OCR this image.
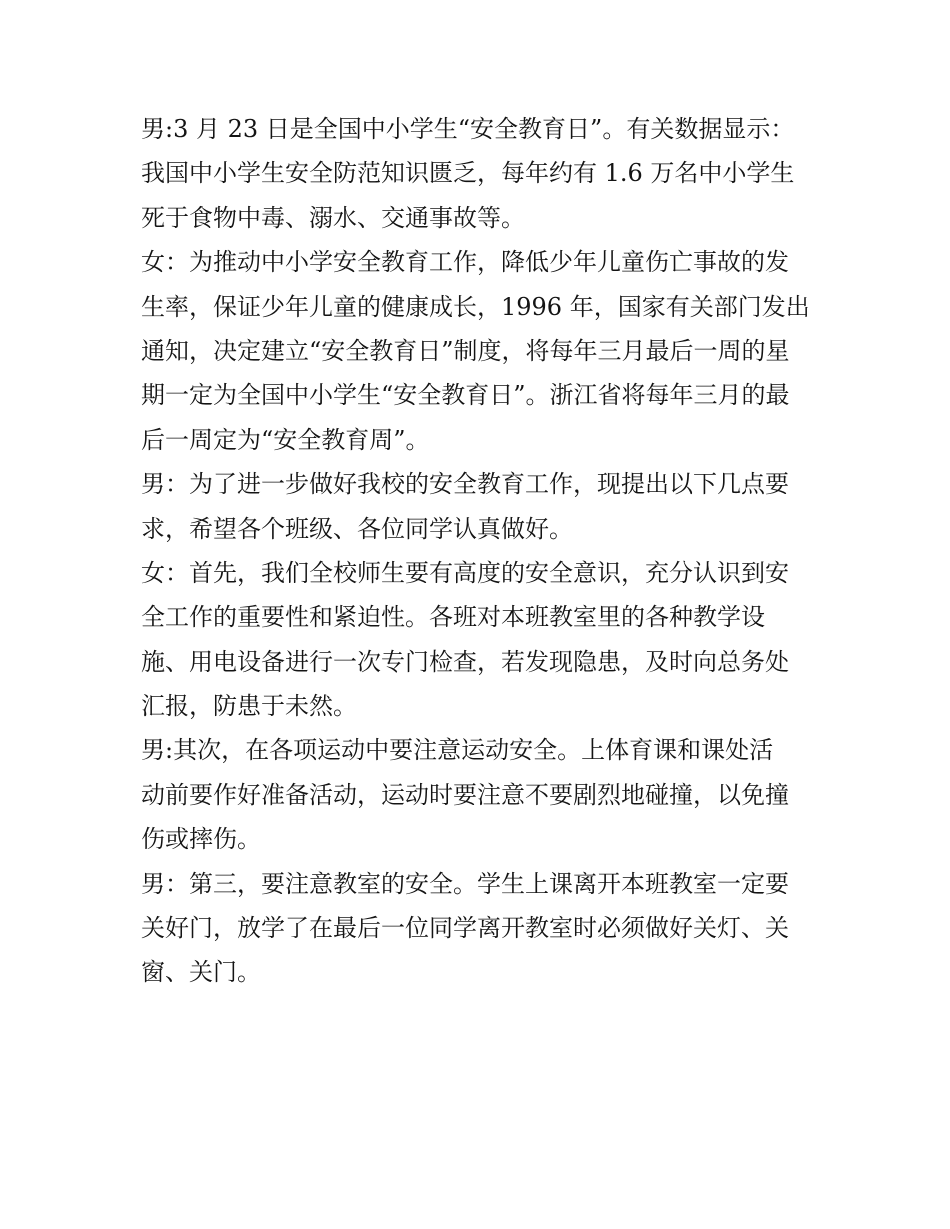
男:3 月 23 日是全国中小学生“安全教育日”。有关数据显示：
我国中小学生安全防范知识匮乏，每年约有 1.6 万名中小学生
死于食物中毒、溺水、交通事故等。
女：为推动中小学安全教育工作，降低少年儿童伤亡事故的发
生率，保证少年儿童的健康成长，1996 年，国家有关部门发出
通知，决定建立“安全教育日”制度，将每年三月最后一周的星
期一定为全国中小学生“安全教育日”。浙江省将每年三月的最
后一周定为“安全教育周”。
男：为了进一步做好我校的安全教育工作，现提出以下几点要
求，希望各个班级、各位同学认真做好。
女：首先，我们全校师生要有高度的安全意识，充分认识到安
全工作的重要性和紧迫性。各班对本班教室里的各种教学设
施、用电设备进行一次专门检查，若发现隐患，及时向总务处
汇报，防患于未然。
男:其次，在各项运动中要注意运动安全。上体育课和课处活
动前要作好准备活动，运动时要注意不要剧烈地碰撞，以免撞
伤或摔伤。
男：第三，要注意教室的安全。学生上课离开本班教室一定要
关好门，放学了在最后一位同学离开教室时必须做好关灯、关
窗、关门。
